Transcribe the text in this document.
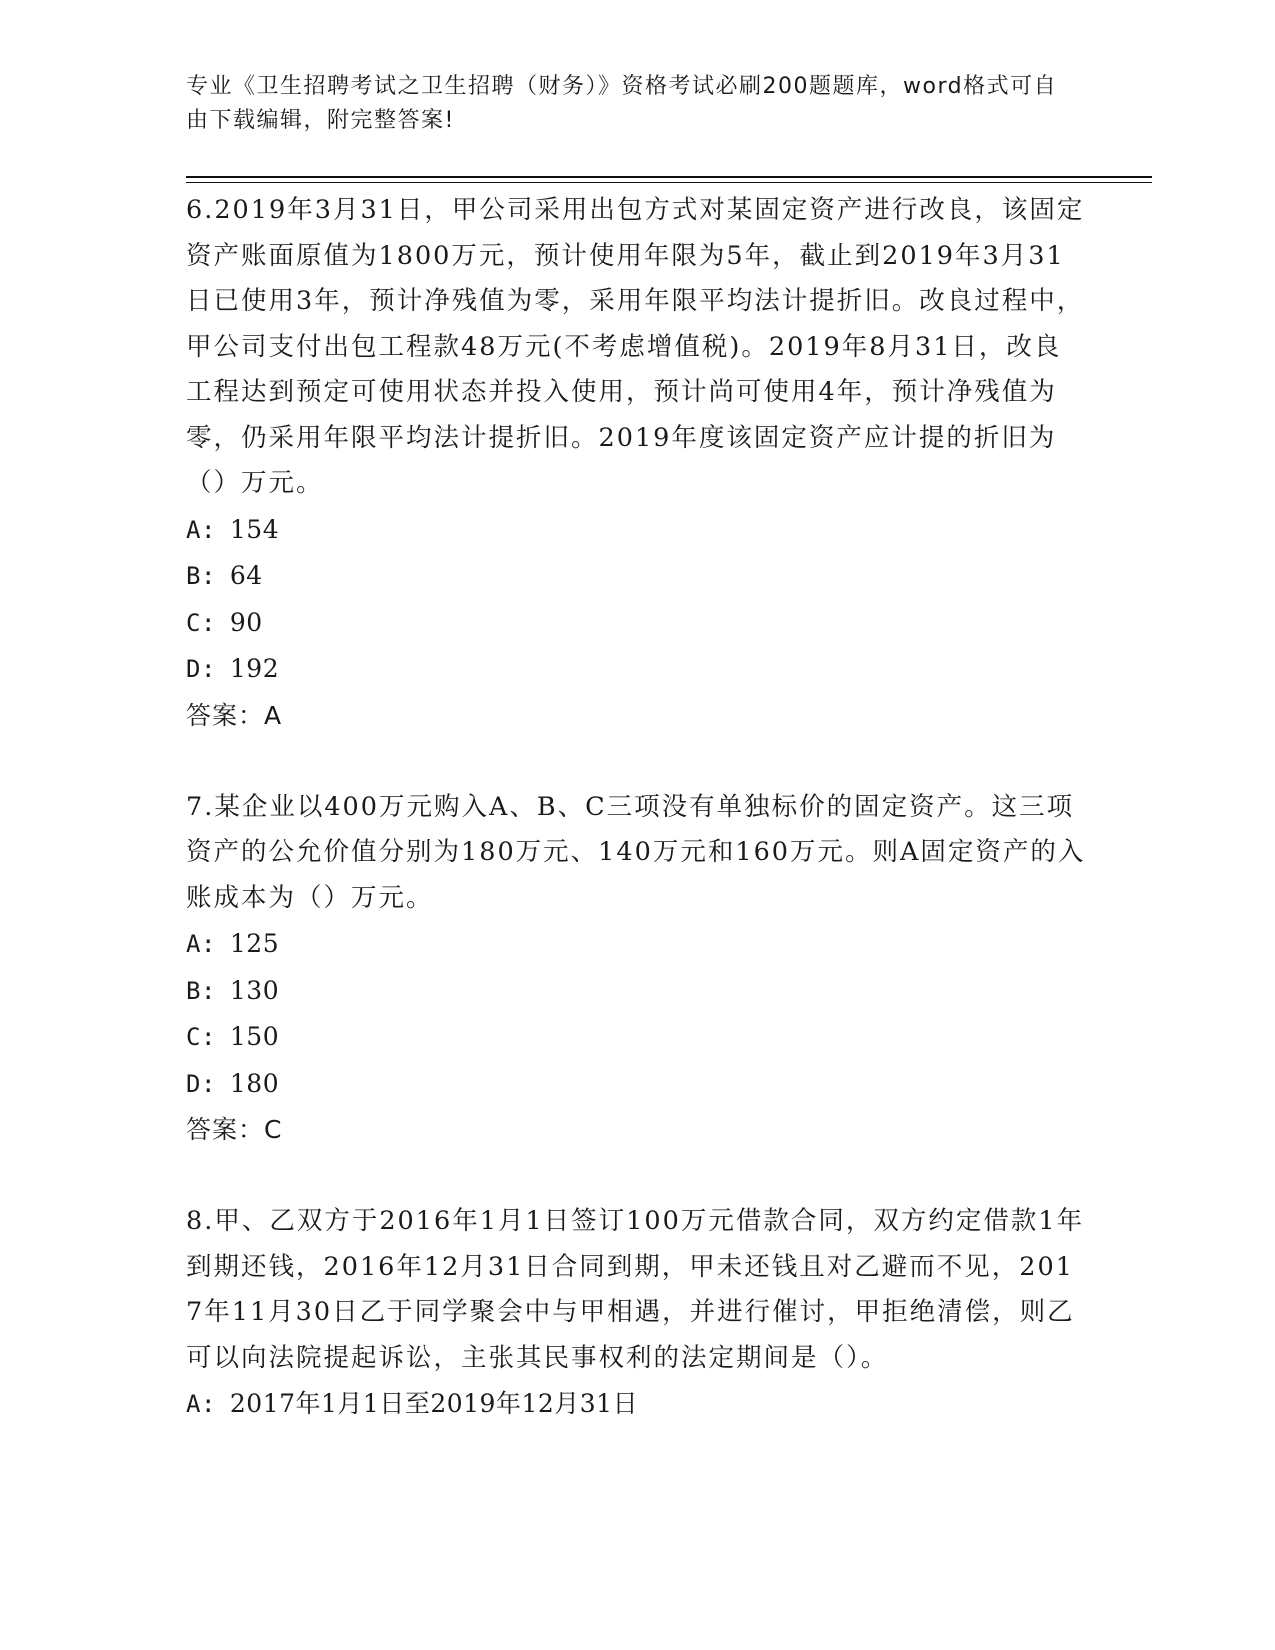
专业《卫生招聘考试之卫生招聘（财务）》资格考试必刷200题题库，word格式可自由下载编辑，附完整答案!
6.2019年3月31日，甲公司采用出包方式对某固定资产进行改良，该固定资产账面原值为1800万元，预计使用年限为5年，截止到2019年3月31日已使用3年，预计净残值为零，采用年限平均法计提折旧。改良过程中，甲公司支付出包工程款48万元(不考虑增值税)。2019年8月31日，改良工程达到预定可使用状态并投入使用，预计尚可使用4年，预计净残值为零，仍采用年限平均法计提折旧。2019年度该固定资产应计提的折旧为（）万元。
A: 154
B: 64
C: 90
D: 192
答案：A
7.某企业以400万元购入A、B、C三项没有单独标价的固定资产。这三项资产的公允价值分别为180万元、140万元和160万元。则A固定资产的入账成本为（）万元。
A: 125
B: 130
C: 150
D: 180
答案：C
8.甲、乙双方于2016年1月1日签订100万元借款合同，双方约定借款1年到期还钱，2016年12月31日合同到期，甲未还钱且对乙避而不见，2017年11月30日乙于同学聚会中与甲相遇，并进行催讨，甲拒绝清偿，则乙可以向法院提起诉讼，主张其民事权利的法定期间是（）。
A: 2017年1月1日至2019年12月31日
